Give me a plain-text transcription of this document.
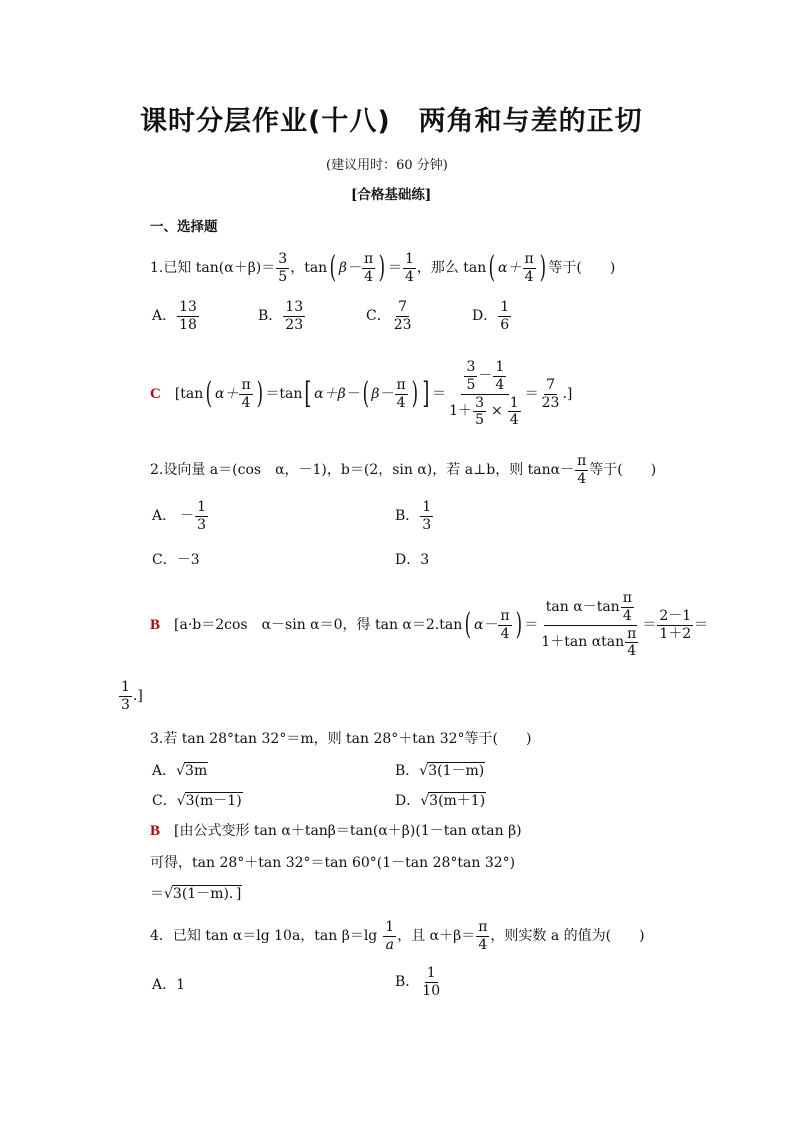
课时分层作业(十八)　两角和与差的正切
(建议用时：60 分钟)
[合格基础练]
一、选择题
1.已知 $\tan(\alpha+\beta)= \frac{3}{5}$ ，tan ( $\beta- \frac{\pi}{4}$ ) ＝ $\frac{1}{4}$ ，那么 tan ( $\alpha+ \frac{\pi}{4}$ ) 等于(　　)
A． $\frac{13}{18}$	B． $\frac{13}{23}$	C． $\frac{7}{23}$	D． $\frac{1}{6}$
C [tan ( $\alpha+ \frac{\pi}{4}$ ) ＝tan [ α＋β－ ( $\beta- \frac{\pi}{4}$ ) ] ＝ $\frac{\frac{3}{5} - \frac{1}{4}}{1+ \frac{3}{5} \times \frac{1}{4}} = \frac{7}{23}$ .]
2.设向量 a＝(cos　α，－1)，b＝(2，sin α)，若 a⊥b，则 $\tan\alpha- \frac{\pi}{4}$ 等于(　　)
A． － $\frac{1}{3}$	B． $\frac{1}{3}$
C．－3	D．3
B [a·b＝2cos　α－sin α＝0，得 tan α＝2.tan ( $\alpha- \frac{\pi}{4}$ ) ＝ $\frac{\tan \alpha-\tan \frac{\pi}{4}}{1+\tan \alpha\tan \frac{\pi}{4}} = \frac{2-1}{1+2}$ ＝
$\frac{1}{3}$ .]
3.若 tan 28°tan 32°＝m，则 tan 28°＋tan 32°等于(　　)
A．√3m	B．√3(1－m)
C．√3(m－1)	D．√3(m＋1)
B [由公式变形 tan α＋tanβ＝tan(α＋β)(1－tan αtan β)
可得，tan 28°＋tan 32°＝tan 60°(1－tan 28°tan 32°)
＝√3(1－m)．]
4．已知 tan α＝lg 10a，$\tan \beta=\lg \frac{1}{a}$ ，且 $\alpha+\beta= \frac{\pi}{4}$ ，则实数 a 的值为(　　)
A．1	B． $\frac{1}{10}$
